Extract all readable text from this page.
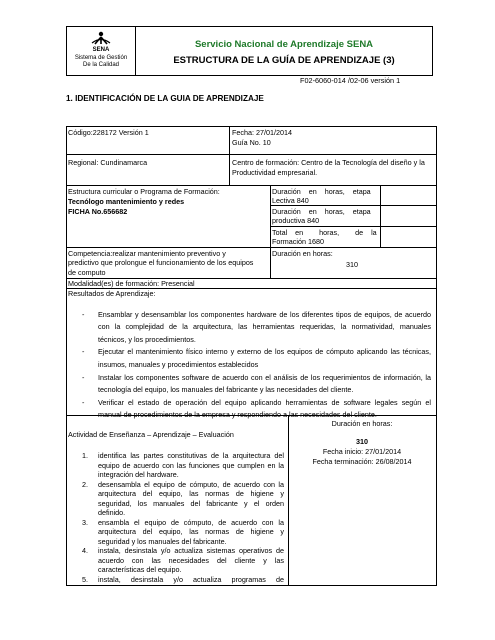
SENA
Sistema de Gestión
De la Calidad
Servicio Nacional de Aprendizaje SENA
ESTRUCTURA DE LA GUÍA DE APRENDIZAJE (3)
F02-6060-014 /02-06 versión 1
1. IDENTIFICACIÓN DE LA GUIA DE APRENDIZAJE
Código:228172 Versión 1	Fecha: 27/01/2014
Guía No. 10
Regional: Cundinamarca	Centro de formación: Centro de la Tecnología del diseño y la
Productividad empresarial.
Estructura curricular o Programa de Formación:
Tecnólogo mantenimiento y redes
FICHA No.656682
Duración    en    horas,    etapa
Lectiva 840
Duración    en    horas,    etapa
productiva 840
Total    en        horas,        de    la
Formación 1680
Competencia:realizar mantenimiento preventivo y
predictivo que prolongue el funcionamiento de los equipos
de computo
Duración en horas:
310
Modalidad(es) de formación: Presencial
Resultados de Aprendizaje:
- Ensamblar y desensamblar los componentes hardware de los diferentes tipos de equipos, de acuerdo
con la complejidad de la arquitectura, las herramientas requeridas, la normatividad, manuales
técnicos, y los procedimientos.
- Ejecutar el mantenimiento físico interno y externo de los equipos de cómputo aplicando las técnicas,
insumos, manuales y procedimientos establecidos
- Instalar los componentes software de acuerdo con el análisis de los requerimientos de información, la
tecnología del equipo, los manuales del fabricante y las necesidades del cliente.
- Verificar el estado de operación del equipo aplicando herramientas de software legales según el
manual de procedimientos de la empresa y respondiendo a las necesidades del cliente.
Actividad de Enseñanza – Aprendizaje – Evaluación
Duración en horas:
310
Fecha inicio: 27/01/2014
Fecha terminación: 26/08/2014
1. identifica las partes constitutivas de la arquitectura del
equipo de acuerdo con las funciones que cumplen en la
integración del hardware.
2. desensambla el equipo de cómputo, de acuerdo con la
arquitectura del equipo, las normas de higiene y
seguridad, los manuales del fabricante y el orden
definido.
3. ensambla el equipo de cómputo, de acuerdo con la
arquitectura del equipo, las normas de higiene y
seguridad y los manuales del fabricante.
4. instala, desinstala y/o actualiza sistemas operativos de
acuerdo con las necesidades del cliente y las
características del equipo.
5. instala,    desinstala    y/o    actualiza    programas    de
